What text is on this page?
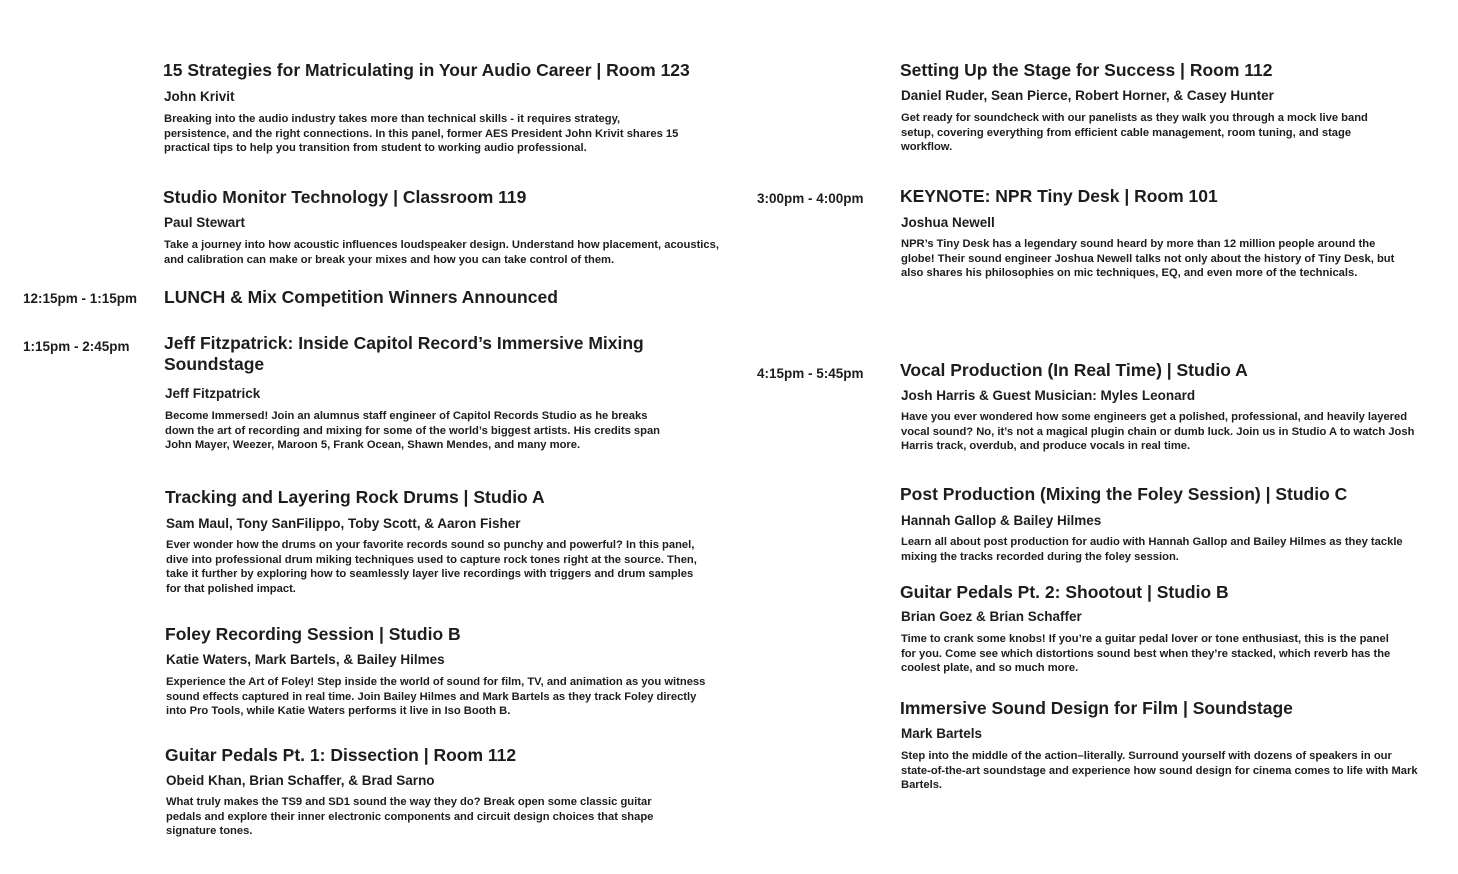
15 Strategies for Matriculating in Your Audio Career | Room 123
John Krivit
Breaking into the audio industry takes more than technical skills - it requires strategy, persistence, and the right connections. In this panel, former AES President John Krivit shares 15 practical tips to help you transition from student to working audio professional.
Studio Monitor Technology | Classroom 119
Paul Stewart
Take a journey into how acoustic influences loudspeaker design. Understand how placement, acoustics, and calibration can make or break your mixes and how you can take control of them.
12:15pm - 1:15pm LUNCH & Mix Competition Winners Announced
1:15pm - 2:45pm Jeff Fitzpatrick: Inside Capitol Record’s Immersive Mixing Soundstage
Jeff Fitzpatrick
Become Immersed! Join an alumnus staff engineer of Capitol Records Studio as he breaks down the art of recording and mixing for some of the world’s biggest artists. His credits span John Mayer, Weezer, Maroon 5, Frank Ocean, Shawn Mendes, and many more.
Tracking and Layering Rock Drums | Studio A
Sam Maul, Tony SanFilippo, Toby Scott, & Aaron Fisher
Ever wonder how the drums on your favorite records sound so punchy and powerful? In this panel, dive into professional drum miking techniques used to capture rock tones right at the source. Then, take it further by exploring how to seamlessly layer live recordings with triggers and drum samples for that polished impact.
Foley Recording Session | Studio B
Katie Waters, Mark Bartels, & Bailey Hilmes
Experience the Art of Foley! Step inside the world of sound for film, TV, and animation as you witness sound effects captured in real time. Join Bailey Hilmes and Mark Bartels as they track Foley directly into Pro Tools, while Katie Waters performs it live in Iso Booth B.
Guitar Pedals Pt. 1: Dissection | Room 112
Obeid Khan, Brian Schaffer, & Brad Sarno
What truly makes the TS9 and SD1 sound the way they do? Break open some classic guitar pedals and explore their inner electronic components and circuit design choices that shape signature tones.
Setting Up the Stage for Success | Room 112
Daniel Ruder, Sean Pierce, Robert Horner, & Casey Hunter
Get ready for soundcheck with our panelists as they walk you through a mock live band setup, covering everything from efficient cable management, room tuning, and stage workflow.
3:00pm - 4:00pm KEYNOTE: NPR Tiny Desk | Room 101
Joshua Newell
NPR’s Tiny Desk has a legendary sound heard by more than 12 million people around the globe! Their sound engineer Joshua Newell talks not only about the history of Tiny Desk, but also shares his philosophies on mic techniques, EQ, and even more of the technicals.
4:15pm - 5:45pm Vocal Production (In Real Time) | Studio A
Josh Harris & Guest Musician: Myles Leonard
Have you ever wondered how some engineers get a polished, professional, and heavily layered vocal sound? No, it’s not a magical plugin chain or dumb luck. Join us in Studio A to watch Josh Harris track, overdub, and produce vocals in real time.
Post Production (Mixing the Foley Session) | Studio C
Hannah Gallop & Bailey Hilmes
Learn all about post production for audio with Hannah Gallop and Bailey Hilmes as they tackle mixing the tracks recorded during the foley session.
Guitar Pedals Pt. 2: Shootout | Studio B
Brian Goez & Brian Schaffer
Time to crank some knobs! If you’re a guitar pedal lover or tone enthusiast, this is the panel for you. Come see which distortions sound best when they’re stacked, which reverb has the coolest plate, and so much more.
Immersive Sound Design for Film | Soundstage
Mark Bartels
Step into the middle of the action–literally. Surround yourself with dozens of speakers in our state-of-the-art soundstage and experience how sound design for cinema comes to life with Mark Bartels.
